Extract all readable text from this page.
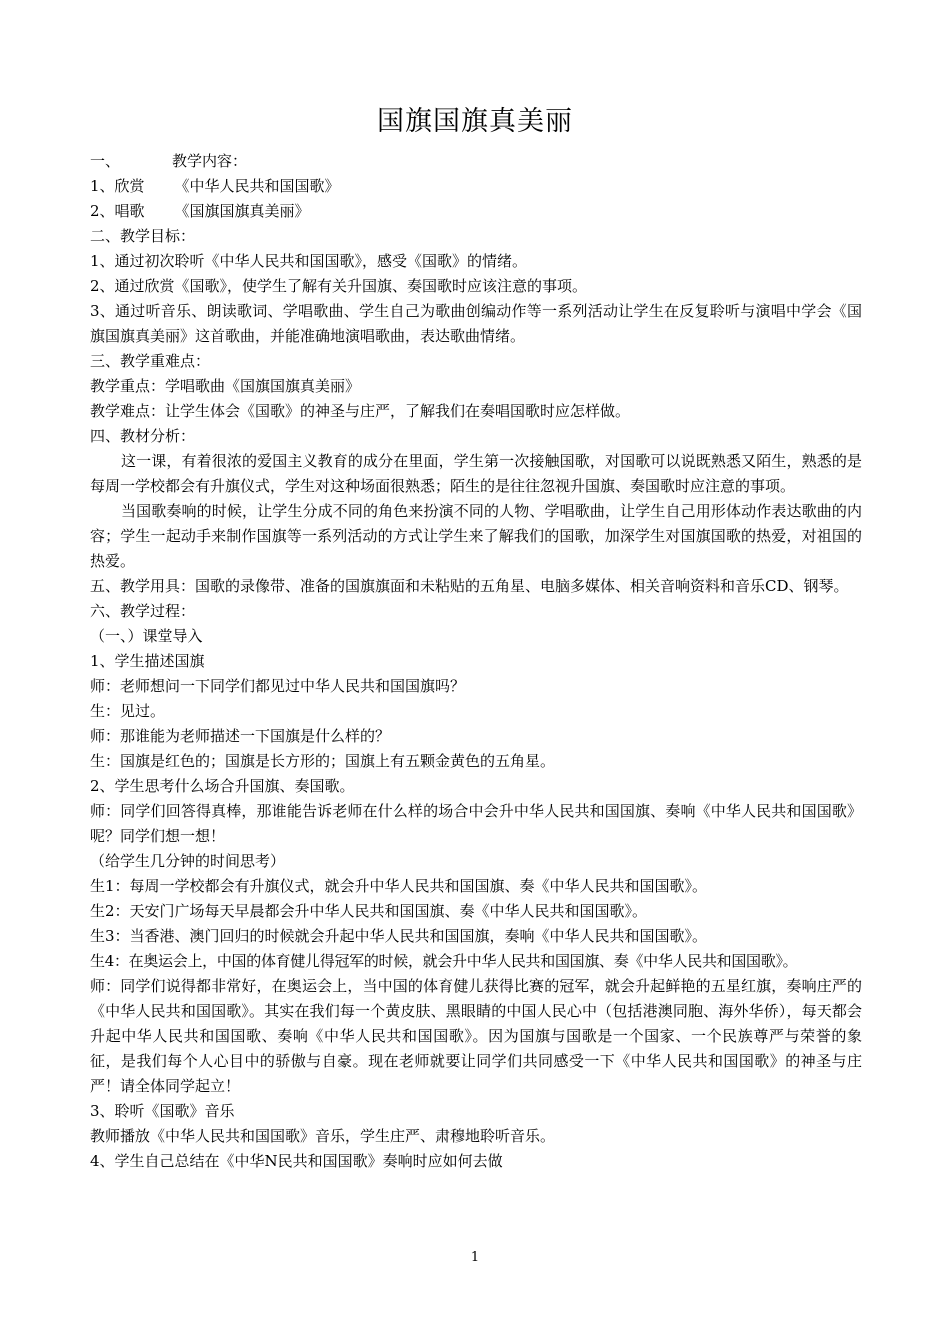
国旗国旗真美丽
一、	教学内容：
1、欣赏 《中华人民共和国国歌》
2、唱歌 《国旗国旗真美丽》
二、教学目标：
1、通过初次聆听《中华人民共和国国歌》，感受《国歌》的情绪。
2、通过欣赏《国歌》，使学生了解有关升国旗、奏国歌时应该注意的事项。
3、通过听音乐、朗读歌词、学唱歌曲、学生自己为歌曲创编动作等一系列活动让学生在反复聆听与演唱中学会《国旗国旗真美丽》这首歌曲，并能准确地演唱歌曲，表达歌曲情绪。
三、教学重难点：
教学重点：学唱歌曲《国旗国旗真美丽》
教学难点：让学生体会《国歌》的神圣与庄严，了解我们在奏唱国歌时应怎样做。
四、教材分析：
这一课，有着很浓的爱国主义教育的成分在里面，学生第一次接触国歌，对国歌可以说既熟悉又陌生，熟悉的是每周一学校都会有升旗仪式，学生对这种场面很熟悉；陌生的是往往忽视升国旗、奏国歌时应注意的事项。
当国歌奏响的时候，让学生分成不同的角色来扮演不同的人物、学唱歌曲，让学生自己用形体动作表达歌曲的内容；学生一起动手来制作国旗等一系列活动的方式让学生来了解我们的国歌，加深学生对国旗国歌的热爱，对祖国的热爱。
五、教学用具：国歌的录像带、准备的国旗旗面和未粘贴的五角星、电脑多媒体、相关音响资料和音乐CD、钢琴。
六、教学过程：
（一、）课堂导入
1、学生描述国旗
师：老师想问一下同学们都见过中华人民共和国国旗吗？
生：见过。
师：那谁能为老师描述一下国旗是什么样的？
生：国旗是红色的；国旗是长方形的；国旗上有五颗金黄色的五角星。
2、学生思考什么场合升国旗、奏国歌。
师：同学们回答得真棒，那谁能告诉老师在什么样的场合中会升中华人民共和国国旗、奏响《中华人民共和国国歌》呢？同学们想一想！
（给学生几分钟的时间思考）
生1：每周一学校都会有升旗仪式，就会升中华人民共和国国旗、奏《中华人民共和国国歌》。
生2：天安门广场每天早晨都会升中华人民共和国国旗、奏《中华人民共和国国歌》。
生3：当香港、澳门回归的时候就会升起中华人民共和国国旗，奏响《中华人民共和国国歌》。
生4：在奥运会上，中国的体育健儿得冠军的时候，就会升中华人民共和国国旗、奏《中华人民共和国国歌》。
师：同学们说得都非常好，在奥运会上，当中国的体育健儿获得比赛的冠军，就会升起鲜艳的五星红旗，奏响庄严的《中华人民共和国国歌》。其实在我们每一个黄皮肤、黑眼睛的中国人民心中（包括港澳同胞、海外华侨），每天都会升起中华人民共和国国歌、奏响《中华人民共和国国歌》。因为国旗与国歌是一个国家、一个民族尊严与荣誉的象征，是我们每个人心目中的骄傲与自豪。现在老师就要让同学们共同感受一下《中华人民共和国国歌》的神圣与庄严！请全体同学起立！
3、聆听《国歌》音乐
教师播放《中华人民共和国国歌》音乐，学生庄严、肃穆地聆听音乐。
4、学生自己总结在《中华N民共和国国歌》奏响时应如何去做
1
